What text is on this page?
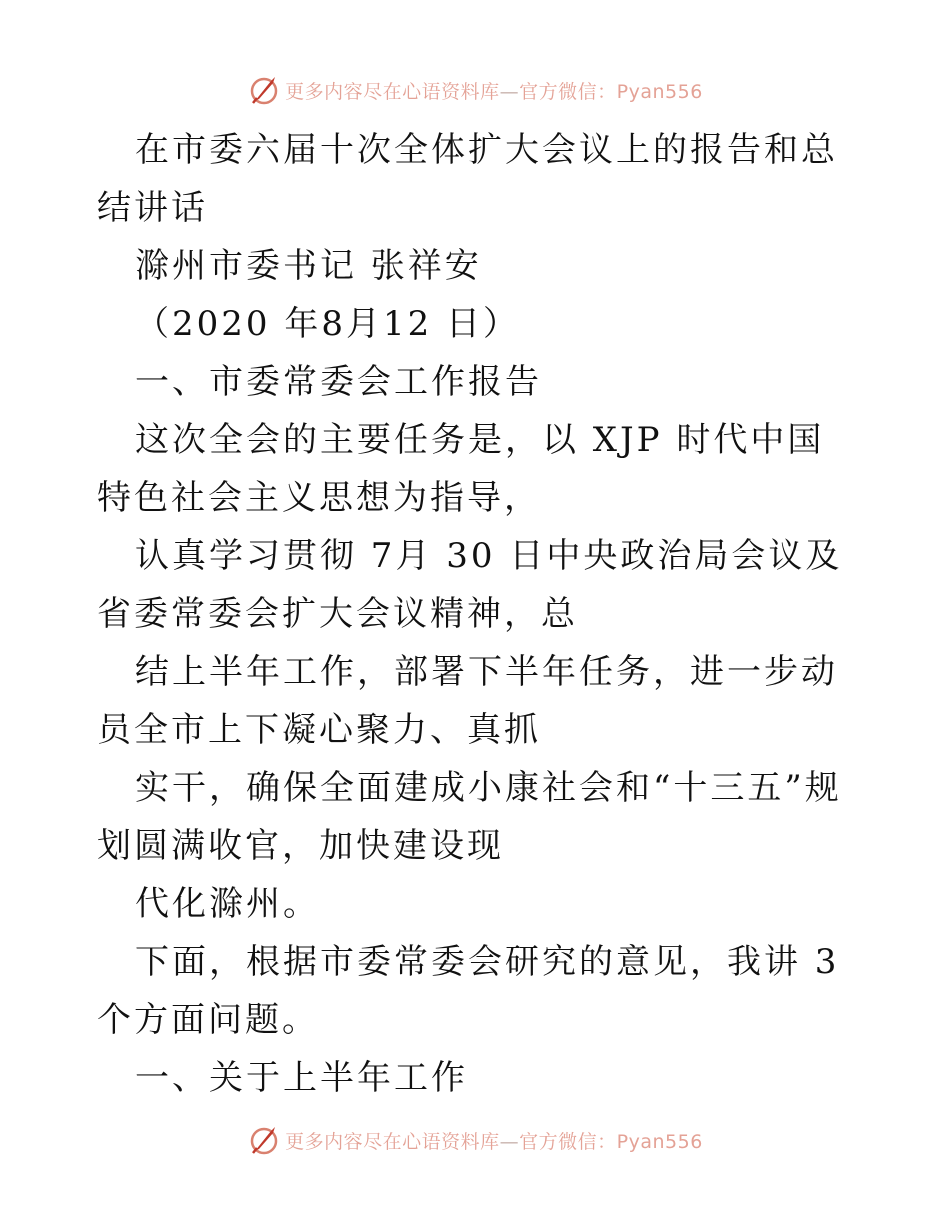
更多内容尽在心语资料库—官方微信：Pyan556

在市委六届十次全体扩大会议上的报告和总结讲话

滁州市委书记 张祥安

（2020 年8月12 日）

一、市委常委会工作报告

这次全会的主要任务是，以 XJP 时代中国特色社会主义思想为指导，

认真学习贯彻 7月 30 日中央政治局会议及省委常委会扩大会议精神，总

结上半年工作，部署下半年任务，进一步动员全市上下凝心聚力、真抓

实干，确保全面建成小康社会和“十三五”规划圆满收官，加快建设现

代化滁州。

下面，根据市委常委会研究的意见，我讲 3个方面问题。

一、关于上半年工作

更多内容尽在心语资料库—官方微信：Pyan556
